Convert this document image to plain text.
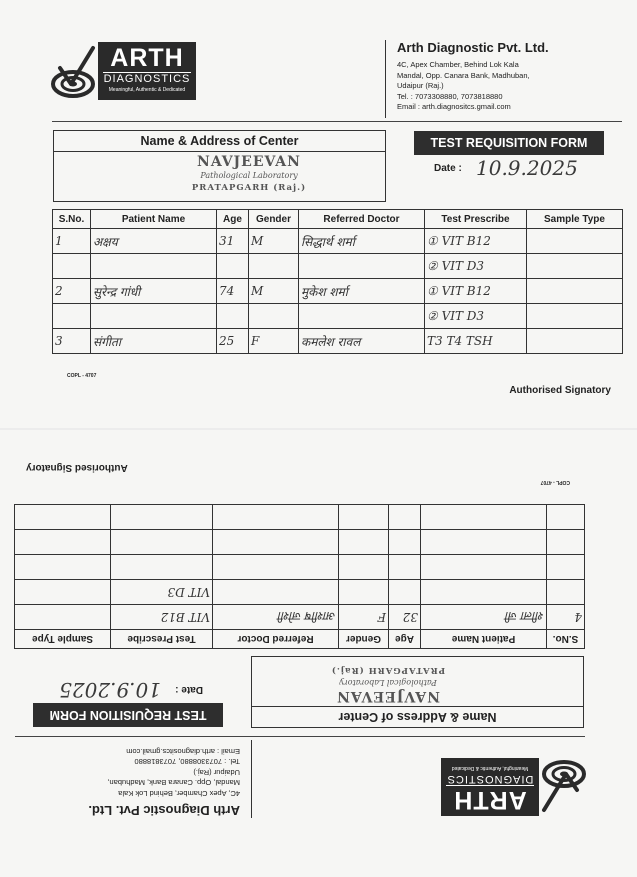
ARTH
DIAGNOSTICS
Meaningful, Authentic & Dedicated
Arth Diagnostic Pvt. Ltd.
4C, Apex Chamber, Behind Lok Kala
Mandal, Opp. Canara Bank, Madhuban,
Udaipur (Raj.)
Tel. : 7073308880, 7073818880
Email : arth.diagnositcs.gmail.com
Name & Address of Center
NAVJEEVAN
Pathological Laboratory
PRATAPGARH (Raj.)
TEST REQUISITION FORM
Date : 10.9.2025
S.No.	Patient Name	Age	Gender	Referred Doctor	Test Prescribe	Sample Type
1	अक्षय	31	M	सिद्धार्थ शर्मा	① VIT B12	
					② VIT D3	
2	सुरेन्द्र गांधी	74	M	मुकेश शर्मा	① VIT B12	
					② VIT D3	
3	संगीता	25	F	कमलेश रावल	T3 T4 TSH	
COPL - 4707
Authorised Signatory
ARTH
DIAGNOSTICS
Meaningful, Authentic & Dedicated
Arth Diagnostic Pvt. Ltd.
4C, Apex Chamber, Behind Lok Kala
Mandal, Opp. Canara Bank, Madhuban,
Udaipur (Raj.)
Tel. : 7073308880, 7073818880
Email : arth.diagnositcs.gmail.com
Name & Address of Center
NAVJEEVAN
Pathological Laboratory
PRATAPGARH (Raj.)
TEST REQUISITION FORM
Date :
10.9.2025
S.No.	Patient Name	Age	Gender	Referred Doctor	Test Prescribe	Sample Type
4	शीला जी	32	F	आशीष जोशी	VIT B12	
					VIT D3	

COPL - 4707
Authorised Signatory
